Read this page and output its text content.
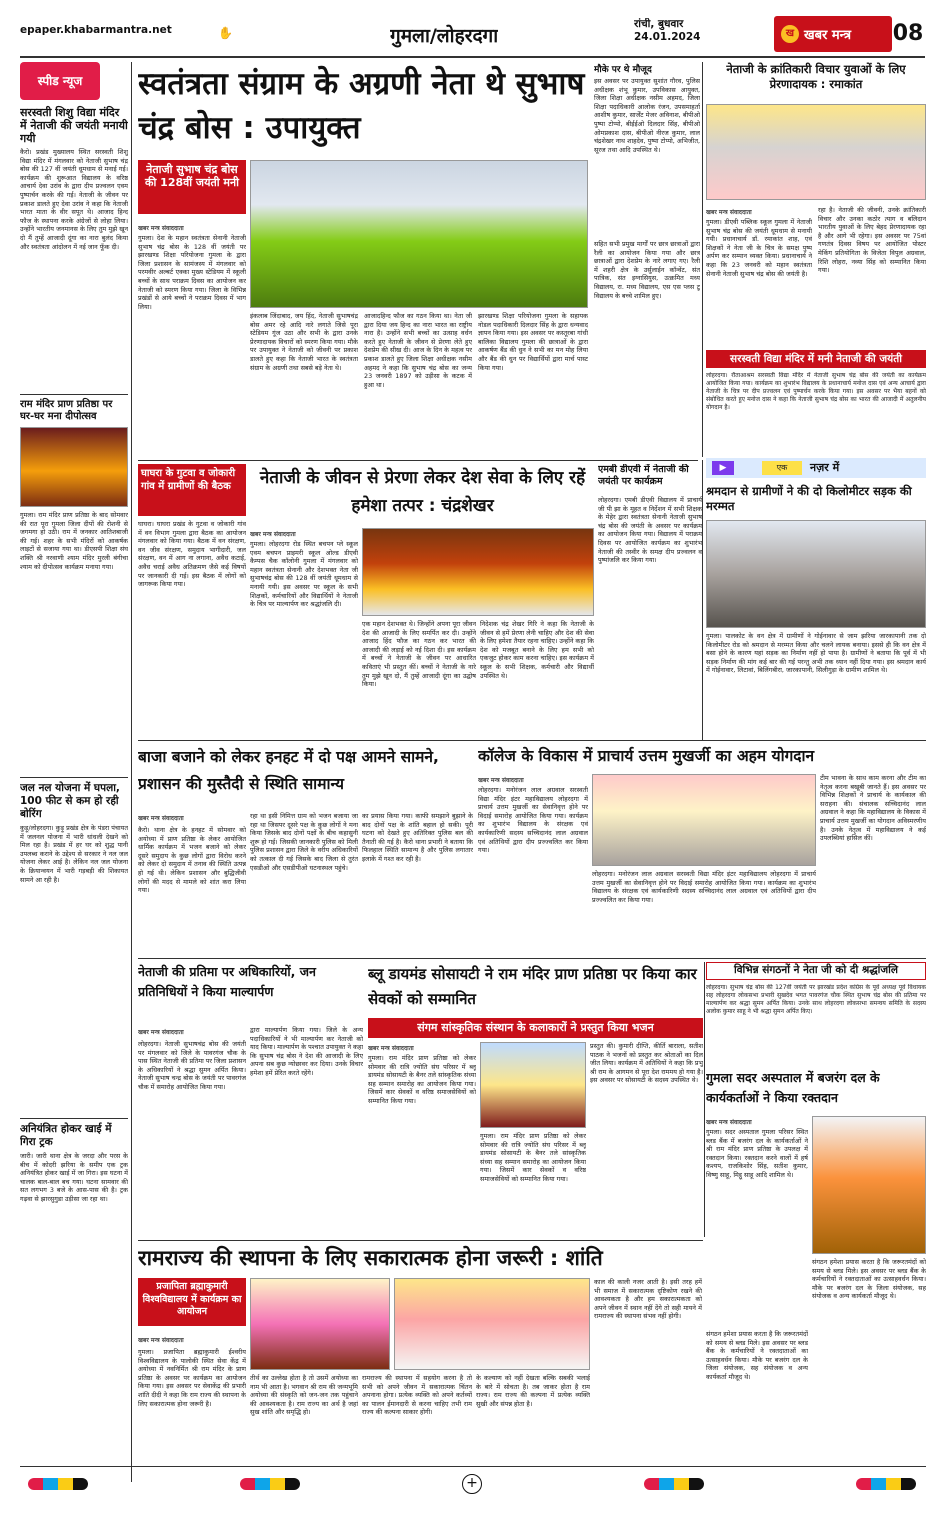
epaper.khabarmantra.net	✋	गुमला/लोहरदगा
रांची, बुधवार
24.01.2024	ख खबर मन्त्र 08
स्पीड न्यूज
सरस्वती शिशु विद्या मंदिर में नेताजी की जयंती मनायी गयी
कैरो। प्रखंड मुख्यालय स्थित सरस्वती शिशु विद्या मंदिर में मंगलवार को नेताजी सुभाष चंद्र बोस की 127 वीं जयंती धूमधाम से मनाई गई। कार्यक्रम की शुरूआत विद्यालय के वरिष्ठ आचार्य देवा उरांव के द्वारा दीप प्रज्वलन एवम पुष्पार्चन करके की गई। नेताजी के जीवन पर प्रकाश डालते हुए देवा उरांव ने कहा कि नेताजी भारत माता के वीर सपूत थे। आजाद हिन्द फौज के स्थापना करके अंग्रेजों से लोहा लिया। उन्होंने भारतीय जनमानस के लिए तुम मुझे खून दो मैं तुम्हें आजादी दूंगा का नारा बुलंद किया और स्वतंत्रता आंदोलन में नई जान फूँक दी।
राम मंदिर प्राण प्रतिष्ठा पर घर-घर मना दीपोत्सव
गुमला। राम मंदिर प्राण प्रतिष्ठा के बाद सोमवार की रात पूरा गुमला जिला दीपों की रोशनी से जगमगा हो उठी। राम में जनकार आतिशबाजी की गई। शहर के सभी मंदिरों को आकर्षक लाइटों से सजाया गया था। डीएसपी शिक्षा संघ शक्ति श्री नरवाणी श्याम मंदिर मुरली बंगीचा श्याम को दीपोत्सव कार्यक्रम मनाया गया।
जल नल योजना में घपला, 100 फीट से कम हो रही बोरिंग
कुड़ू/लोहरदगा। कुड़ू प्रखंड क्षेत्र के पंडरा पंचायत में जलनल योजना में भारी धांधली देखने को मिल रहा है। प्रखंड में हर घर को शुद्ध पानी उपलब्ध कराने के उद्देश्य से सरकार ने नल जल योजना लेकर आई है। लेकिन नल जल योजना के क्रियान्वयन में भारी गड़बड़ी की शिकायत सामने आ रही है।
अनियंत्रित होकर खाई में गिरा ट्रक
जारी। जारी थाना क्षेत्र के जरदा और परस के बीच में कोदरी झरिया के समीप एक ट्रक अनियंत्रित होकर खाई में जा गिरा। इस घटना में चालक बाल-बाल बच गया। घटना सामवार की सत लगभग 3 बजे के आस-पास की है। ट्रक गढ़वा से झारसुगुडा उड़ीसा जा रहा था।
स्वतंत्रता संग्राम के अग्रणी नेता थे सुभाष चंद्र बोस : उपायुक्त
नेताजी सुभाष चंद्र बोस की 128वीं जयंती मनी
खबर मन्त्र संवाददाता
गुमला। देश के महान स्वतंत्रता सेनानी नेताजी सुभाष चंद्र बोस के 128 वीं जयंती पर झारखण्ड शिक्षा परियोजना गुमला के द्वारा जिला प्रशासन के सामंजस्य में मंगलवार को परमवीर अल्बर्ट एक्का मुख्य स्टेडियम में स्कूली बच्चों के साथ पराक्रम दिवस का आयोजन कर नेताजी को स्मरण किया गया। जिला के विभिन्न प्रखंडों से आये बच्चों ने पराक्रम दिवस में भाग लिया।
इंकलाब जिंदाबाद, जय हिंद, नेताजी सुभाषचंद्र बोस अमर रहे आदि नारे लगाते जिसे पूरा स्टेडियम गूंज उठा और सभी के द्वारा उनके प्रेरणादायक विचारों को स्मरण किया गया। मौके पर उपायुक्त ने नेताजी को जीवनी पर प्रकाश डालते हुए कहा कि नेताजी भारत के स्वतंत्रता संग्राम के अग्रणी तथा सबसे बड़े नेता थे।
आजादहिन्द फौज का गठन किया था। नेता जी द्वारा दिया जय हिन्द का नारा भारत का राष्ट्रीय नारा है। उन्होंने सभी बच्चों का उत्साह वर्धन करते हुए नेताजी के जीवन से प्रेरणा लेते हुए देशप्रेम की सीख दी। आज के दिन के महत्व पर प्रकाश डालते हुए जिला शिक्षा अधीक्षक नसीम अहमद ने कहा कि सुभाष चंद्र बोस का जन्म 23 जनवरी 1897 को उड़ीसा के कटक में हुआ था।
झारखण्ड शिक्षा परियोजना गुमला के सहायक नोडल पदाधिकारी दिलदार सिंह के द्वारा धन्यवाद ज्ञापन किया गया। इस अवसर पर कस्तूरबा गांधी बालिका विद्यालय गुमला की छात्राओं के द्वारा आकर्षण बैंड की धुन ने सभी का मन मोह लिया और बैंड की धुन पर विद्यार्थियों द्वारा मार्च पास्ट किया गया।
मौके पर थे मौजूद
इस अवसर पर उपायुक्त सुशांत गौरव, पुलिस अधीक्षक शंभू कुमार, उपविकास आयुक्त, जिला शिक्षा अधीक्षक नसीम अहमद, जिला शिक्षा पदाधिकारी आलोक रंजन, उपसमाहर्ता आशीष कुमार, सार्जेंट मेजर अविनाश, बीपीओ पुष्पा टोप्पो, बीईईओ दिलदार सिंह, बीपीओ ओमप्रकाश दास, बीपीओ नीरज कुमार, लाल चंद्रशेखर नाथ शाहदेव, पुष्पा टोप्पो, अभिजीत, सूरज तथा आदि उपस्थित थे।
सहित सभी प्रमुख मार्गों पर छात्र छात्राओं द्वारा रैली का आयोजन किया गया और छात्र छात्राओं द्वारा देशप्रेम के नारे लगाए गए। रैली में शहरी क्षेत्र के उर्सुलाईन कॉन्वेंट, संत पात्रिक, संत इग्नासियुस, उत्क्रमित मध्य विद्यालय, रा. मध्य विद्यालय, एस एस प्लस टू विद्यालय के बच्चे शामिल हुए।
नेताजी के क्रांतिकारी विचार युवाओं के लिए प्रेरणादायक : रमाकांत
खबर मन्त्र संवाददाता
गुमला। डीएवी पब्लिक स्कूल गुमला में नेताजी सुभाष चंद्र बोस की जयंती धूमधाम से मनायी गयी। प्रधानाचार्य डॉ. रमाकांत शाह, एवं शिक्षकों ने नेता जी के चित्र के समक्ष पुष्प अर्पण कर सम्मान व्यक्त किया। प्रधानाचार्य ने कहा कि 23 जनवरी को महान स्वतंत्रता सेनानी नेताजी सुभाष चंद्र बोस की जयंती है।
रहा है। नेताजी की जीवनी, उनके क्रांतिकारी विचार और उनका कठोर त्याग व बलिदान भारतीय युवाओं के लिए बेहद प्रेरणादायक रहा है और आगे भी रहेगा। इस अवसर पर 75वां गणतंत्र दिवस विषय पर आयोजित पोस्टर मेकिंग प्रतियोगिता के विजेता विपुल अग्रवाल, रिशि लोहरा, नव्या सिंह को सम्मानित किया गया।
सरस्वती विद्या मंदिर में मनी नेताजी की जयंती
लोहरदगा। रौताआश्रम सरस्वती विद्या मंदिर में नेताजी सुभाष चंद्र बोस की जयंती का कार्यक्रम आयोजित किया गया। कार्यक्रम का शुभारंभ विद्यालय के प्रधानाचार्य मनोज दास एवं अन्य आचार्य द्वारा नेताजी के चित्र पर दीप प्रज्वलन एवं पुष्पार्चन करके किया गया। इस अवसर पर भैया बहनों को संबोधित करते हुए मनोज दास ने कहा कि नेताजी सुभाष चंद्र बोस का भारत की आजादी में अतुलनीय योगदान है।
▶	एक	नज़र में
श्रमदान से ग्रामीणों ने की दो किलोमीटर सड़क की मरम्मत
गुमला। पालकोट के वन क्षेत्र में ग्रामीणों ने गोईनावार से जाम झरिया जारकापानी तक दो किलोमीटर रोड को श्रमदान से मरम्मत किया और चलने लायक बनाया। इससे ही कि वन क्षेत्र में बसा होने के कारण यहां सड़क का निर्माण नहीं हो पाया है। ग्रामीणों ने बताया कि पूर्व में भी सड़क निर्माण की मांग कई बार की गई परन्तु अभी तक ध्यान नहीं दिया गया। इस श्रमदान कार्य में गोईनावार, लिटावां, बिलिंगबीरा, जारकापानी, सिलीगुड़ा के ग्रामीण शामिल थे।
घाघरा के गुटवा व जोकारी गांव में ग्रामीणों की बैठक
घाघरा। घाघरा प्रखंड के गुटवा व जोकारी गांव में वन विभाग गुमला द्वारा बैठक का आयोजन मंगलवार को किया गया। बैठक में वन संरक्षण, वन जीव संरक्षण, समुदाय भागीदारी, जल संरक्षण, वन में आग ना लगाना, अवैध कटाई, अवैध चराई अवैध अतिक्रमण जैसे कई विषयों पर जानकारी दी गई। इस बैठक में लोगों को जागरूक किया गया।
नेताजी के जीवन से प्रेरणा लेकर देश सेवा के लिए रहें हमेशा तत्पर : चंद्रशेखर
खबर मन्त्र संवाददाता
गुमला। लोहरदगा रोड स्थित बचपन प्ले स्कूल एवम बचपन प्राइमरी स्कूल ओल्ड डीएवी कैम्पस चैक कॉलोनी गुमला में मंगलवार को महान स्वतंत्रता सेनानी और देशभक्त नेता जी सुभाषचंद्र बोस की 128 वीं जयंती धूमधाम से मनायी गयी। इस अवसर पर स्कूल के सभी शिक्षकों, कर्मचारियों और विद्यार्थियों ने नेताजी के चित्र पर माल्यार्पण कर श्रद्धांजलि दी।
एक महान देशभक्त थे। जिन्होंने अपना पूरा जीवन देश की आजादी के लिए समर्पित कर दी। उन्होंने आजाद हिंद फौज का गठन कर भारत की आजादी की लड़ाई को नई दिशा दी। इस कार्यक्रम में बच्चों ने नेताजी के जीवन पर आधारित कविताएं भी प्रस्तुत कीं। बच्चों ने नेताजी के नारे तुम मुझे खून दो, मैं तुम्हें आजादी दूंगा का उद्घोष किया।
निदेशक चंद्र शेखर गिरि ने कहा कि नेताजी के जीवन से हमें प्रेरणा लेनी चाहिए और देश की सेवा के लिए हमेशा तैयार रहना चाहिए। उन्होंने कहा कि देश को मजबूत बनाने के लिए हम सभी को एकजुट होकर काम करना चाहिए। इस कार्यक्रम में स्कूल के सभी शिक्षक, कर्मचारी और विद्यार्थी उपस्थित थे।
एमबी डीएवी में नेताजी की जयंती पर कार्यक्रम
लोहरदगा। एमबी डीएवी विद्यालय में प्राचार्य जी पी झा के मूहत व निर्देशन में सभी शिक्षक के मेहेर द्वारा स्वतंत्रता सेनानी नेताजी सुभाष चंद्र बोस की जयंती के अवसर पर कार्यक्रम का आयोजन किया गया। विद्यालय में पराक्रम दिवस पर आयोजित कार्यक्रम का शुभारंभ नेताजी की तस्वीर के समक्ष दीप प्रज्वलन व पुष्पांजलि कर किया गया।
बाजा बजाने को लेकर हनहट में दो पक्ष आमने सामने, प्रशासन की मुस्तैदी से स्थिति सामान्य
खबर मन्त्र संवाददाता
कैरो। थाना क्षेत्र के हनहट में सोमवार को अयोध्या में प्राण प्रतिष्ठा के लेकर आयोजित धार्मिक कार्यक्रम में भजन बजाने को लेकर दूसरे समुदाय के कुछ लोगों द्वारा विरोध करने को लेकर दो समुदाय में तनाव की स्थिति उत्पन्न हो गई थी। लेकिन प्रशासन और बुद्धिजीवी लोगों की मदद से मामले को शांत करा लिया गया।
रहा था इसी निमित्त ग्राम को भजन बजाया जा रहा था जिसपर दूसरे पक्ष के कुछ लोगों ने मना किया जिसके बाद दोनों पक्षों के बीच कहासुनी शुरू हो गई। जिसकी जानकारी पुलिस को मिली पुलिस प्रशासन द्वारा जिले के वरीय अधिकारियों को तत्काल दी गई जिसके बाद जिला से तुरंत एसडीओ और एसडीपीओ घटनास्थल पहुंचे।
का प्रयास किया गया। काफी समझाने बुझाने के बाद दोनों पक्ष के शांति बहाल हो सकी। पूरी घटना को देखते हुए अतिरिक्त पुलिस बल की तैनाती की गई है। कैरो थाना प्रभारी ने बताया कि फिलहाल स्थिति सामान्य है और पुलिस लगातार इलाके में गश्त कर रही है।
कॉलेज के विकास में प्राचार्य उत्तम मुखर्जी का अहम योगदान
खबर मन्त्र संवाददाता
लोहरदगा। मनोरंजन लाल अग्रवाल सरस्वती विद्या मंदिर इंटर महाविद्यालय लोहरदगा में प्राचार्य उत्तम मुखर्जी का सेवानिवृत्त होने पर विदाई समारोह आयोजित किया गया। कार्यक्रम का शुभारंभ विद्यालय के संरक्षक एवं कार्यकारिणी सदस्य सच्चिदानंद लाल अग्रवाल एवं अतिथियों द्वारा दीप प्रज्ज्वलित कर किया गया।
टीम भावना के साथ काम करना और टीम का नेतृत्व करना बखूबी जानते हैं। इस अवसर पर विभिन्न शिक्षकों ने प्राचार्य के कार्यकाल की सराहना की। संचालक सच्चिदानंद लाल अग्रवाल ने कहा कि महाविद्यालय के विकास में प्राचार्य उत्तम मुखर्जी का योगदान अविस्मरणीय है। उनके नेतृत्व में महाविद्यालय ने कई उपलब्धियां हासिल कीं।
लोहरदगा। मनोरंजन लाल अग्रवाल सरस्वती विद्या मंदिर इंटर महाविद्यालय लोहरदगा में प्राचार्य उत्तम मुखर्जी का सेवानिवृत्त होने पर विदाई समारोह आयोजित किया गया। कार्यक्रम का शुभारंभ विद्यालय के संरक्षक एवं कार्यकारिणी सदस्य सच्चिदानंद लाल अग्रवाल एवं अतिथियों द्वारा दीप प्रज्ज्वलित कर किया गया।
नेताजी की प्रतिमा पर अधिकारियों, जन प्रतिनिधियों ने किया माल्यार्पण
खबर मन्त्र संवाददाता
लोहरदगा। नेताजी सुभाषचंद्र बोस की जयंती पर मंगलवार को जिले के पावरगंज चौक के पास स्थित नेताजी की प्रतिमा पर जिला प्रशासन के अधिकारियों ने श्रद्धा सुमन अर्पित किया। नेताजी सुभाष चन्द्र बोस के जयंती पर पावरगंज चौक में समारोह आयोजित किया गया।
द्वारा माल्यार्पण किया गया। जिले के अन्य पदाधिकारियों ने भी माल्यार्पण कर नेताजी को याद किया। माल्यार्पण के पश्चात उपायुक्त ने कहा कि सुभाष चंद्र बोस ने देश की आजादी के लिए अपना सब कुछ न्योछावर कर दिया। उनके विचार हमेशा हमें प्रेरित करते रहेंगे।
ब्लू डायमंड सोसायटी ने राम मंदिर प्राण प्रतिष्ठा पर किया कार सेवकों को सम्मानित
संगम सांस्कृतिक संस्थान के कलाकारों ने प्रस्तुत किया भजन
खबर मन्त्र संवाददाता
गुमला। राम मंदिर प्राण प्रतिष्ठा को लेकर सोमवार की रात्रि ज्योति संघ परिसर में ब्लू डायमंड सोसायटी के बैनर तले सांस्कृतिक संध्या सह सम्मान समारोह का आयोजन किया गया। जिसमें कार सेवकों व वरिष्ठ समाजसेवियों को सम्मानित किया गया।
प्रस्तुत की। कुमारी दीप्ति, कीर्ति बाराला, सतीश पाठक ने भजनों को प्रस्तुत कर श्रोताओं का दिल जीत लिया। कार्यक्रम में अतिथियों ने कहा कि प्रभु श्री राम के आगमन से पूरा देश राममय हो गया है। इस अवसर पर सोसायटी के सदस्य उपस्थित थे।
गुमला। राम मंदिर प्राण प्रतिष्ठा को लेकर सोमवार की रात्रि ज्योति संघ परिसर में ब्लू डायमंड सोसायटी के बैनर तले सांस्कृतिक संध्या सह सम्मान समारोह का आयोजन किया गया। जिसमें कार सेवकों व वरिष्ठ समाजसेवियों को सम्मानित किया गया।
विभिन्न संगठनों ने नेता जी को दी श्रद्धांजलि
लोहरदगा। सुभाष चंद्र बोस की 127वीं जयंती पर झारखंड प्रदेश कांग्रेस के पूर्व अध्यक्ष पूर्व विधायक सह लोहरदगा लोकसभा प्रभारी सुखदेव भगत पावरगंज चौक स्थित सुभाष चंद्र बोस की प्रतिमा पर माल्यार्पण कर श्रद्धा सुमन अर्पित किया। उनके साथ लोहरदगा लोकसभा समन्वय समिति के सदस्य अलोक कुमार साहू ने भी श्रद्धा सुमन अर्पित किए।
गुमला सदर अस्पताल में बजरंग दल के कार्यकर्ताओं ने किया रक्तदान
खबर मन्त्र संवाददाता
गुमला। सदर अस्पताल गुमला परिसर स्थित ब्लड बैंक में बजरंग दल के कार्यकर्ताओं ने श्री राम मंदिर प्राण प्रतिष्ठा के उपलक्ष में रक्तदान किया। रक्तदान करने वालों में हर्ष कश्यप, राजकिशोर सिंह, सतीश कुमार, विष्णु साहू, मिट्ठू साहू आदि शामिल थे।
संगठन हमेशा प्रयास करता है कि जरूरतमंदों को समय से ब्लड मिले। इस अवसर पर ब्लड बैंक के कर्मचारियों ने रक्तदाताओं का उत्साहवर्धन किया। मौके पर बजरंग दल के जिला संयोजक, सह संयोजक व अन्य कार्यकर्ता मौजूद थे।
संगठन हमेशा प्रयास करता है कि जरूरतमंदों को समय से ब्लड मिले। इस अवसर पर ब्लड बैंक के कर्मचारियों ने रक्तदाताओं का उत्साहवर्धन किया। मौके पर बजरंग दल के जिला संयोजक, सह संयोजक व अन्य कार्यकर्ता मौजूद थे।
रामराज्य की स्थापना के लिए सकारात्मक होना जरूरी : शांति
प्रजापिता ब्रह्माकुमारी विश्वविद्यालय में कार्यक्रम का आयोजन
काल की काली नजर आती है। इसी तरह हमें भी समाज में सकारात्मक दृष्टिकोण रखने की आवश्यकता है और हम सकारात्मकता को अपने जीवन में स्थान नहीं देंगे तो सही मायने में रामराज्य की स्थापना संभव नहीं होगी।
खबर मन्त्र संवाददाता
गुमला। प्रजापिता ब्रह्माकुमारी ईश्वरीय विश्वविद्यालय के पालोकी स्थित सेवा केंद्र में अयोध्या में नवनिर्मित श्री राम मंदिर के प्राण प्रतिष्ठा के अवसर पर कार्यक्रम का आयोजन किया गया। इस अवसर पर सेवाकेंद्र की प्रभारी शांति दीदी ने कहा कि राम राज्य की स्थापना के लिए सकारात्मक होना जरूरी है।
तीर्थ का उल्लेख होता है तो उसमें अयोध्या का नाम भी आता है। भगवान श्री राम की जन्मभूमि अयोध्या की संस्कृति को जन-जन तक पहुंचाने की आवश्यकता है। राम राज्य का अर्थ है जहां सुख शांति और समृद्धि हो।
रामराज्य की स्थापना में सहयोग करना है तो सभी को अपने जीवन में सकारात्मक चिंतन अपनाना होगा। प्रत्येक व्यक्ति को अपने कर्तव्यों का पालन ईमानदारी से करना चाहिए तभी राम राज्य की कल्पना साकार होगी।
के कल्याण को नहीं देखता बल्कि सबकी भलाई के बारे में सोचता है। तब जाकर होता है राम राज्य। राम राज्य की कल्पना में प्रत्येक व्यक्ति सुखी और संपन्न होता है।
+
